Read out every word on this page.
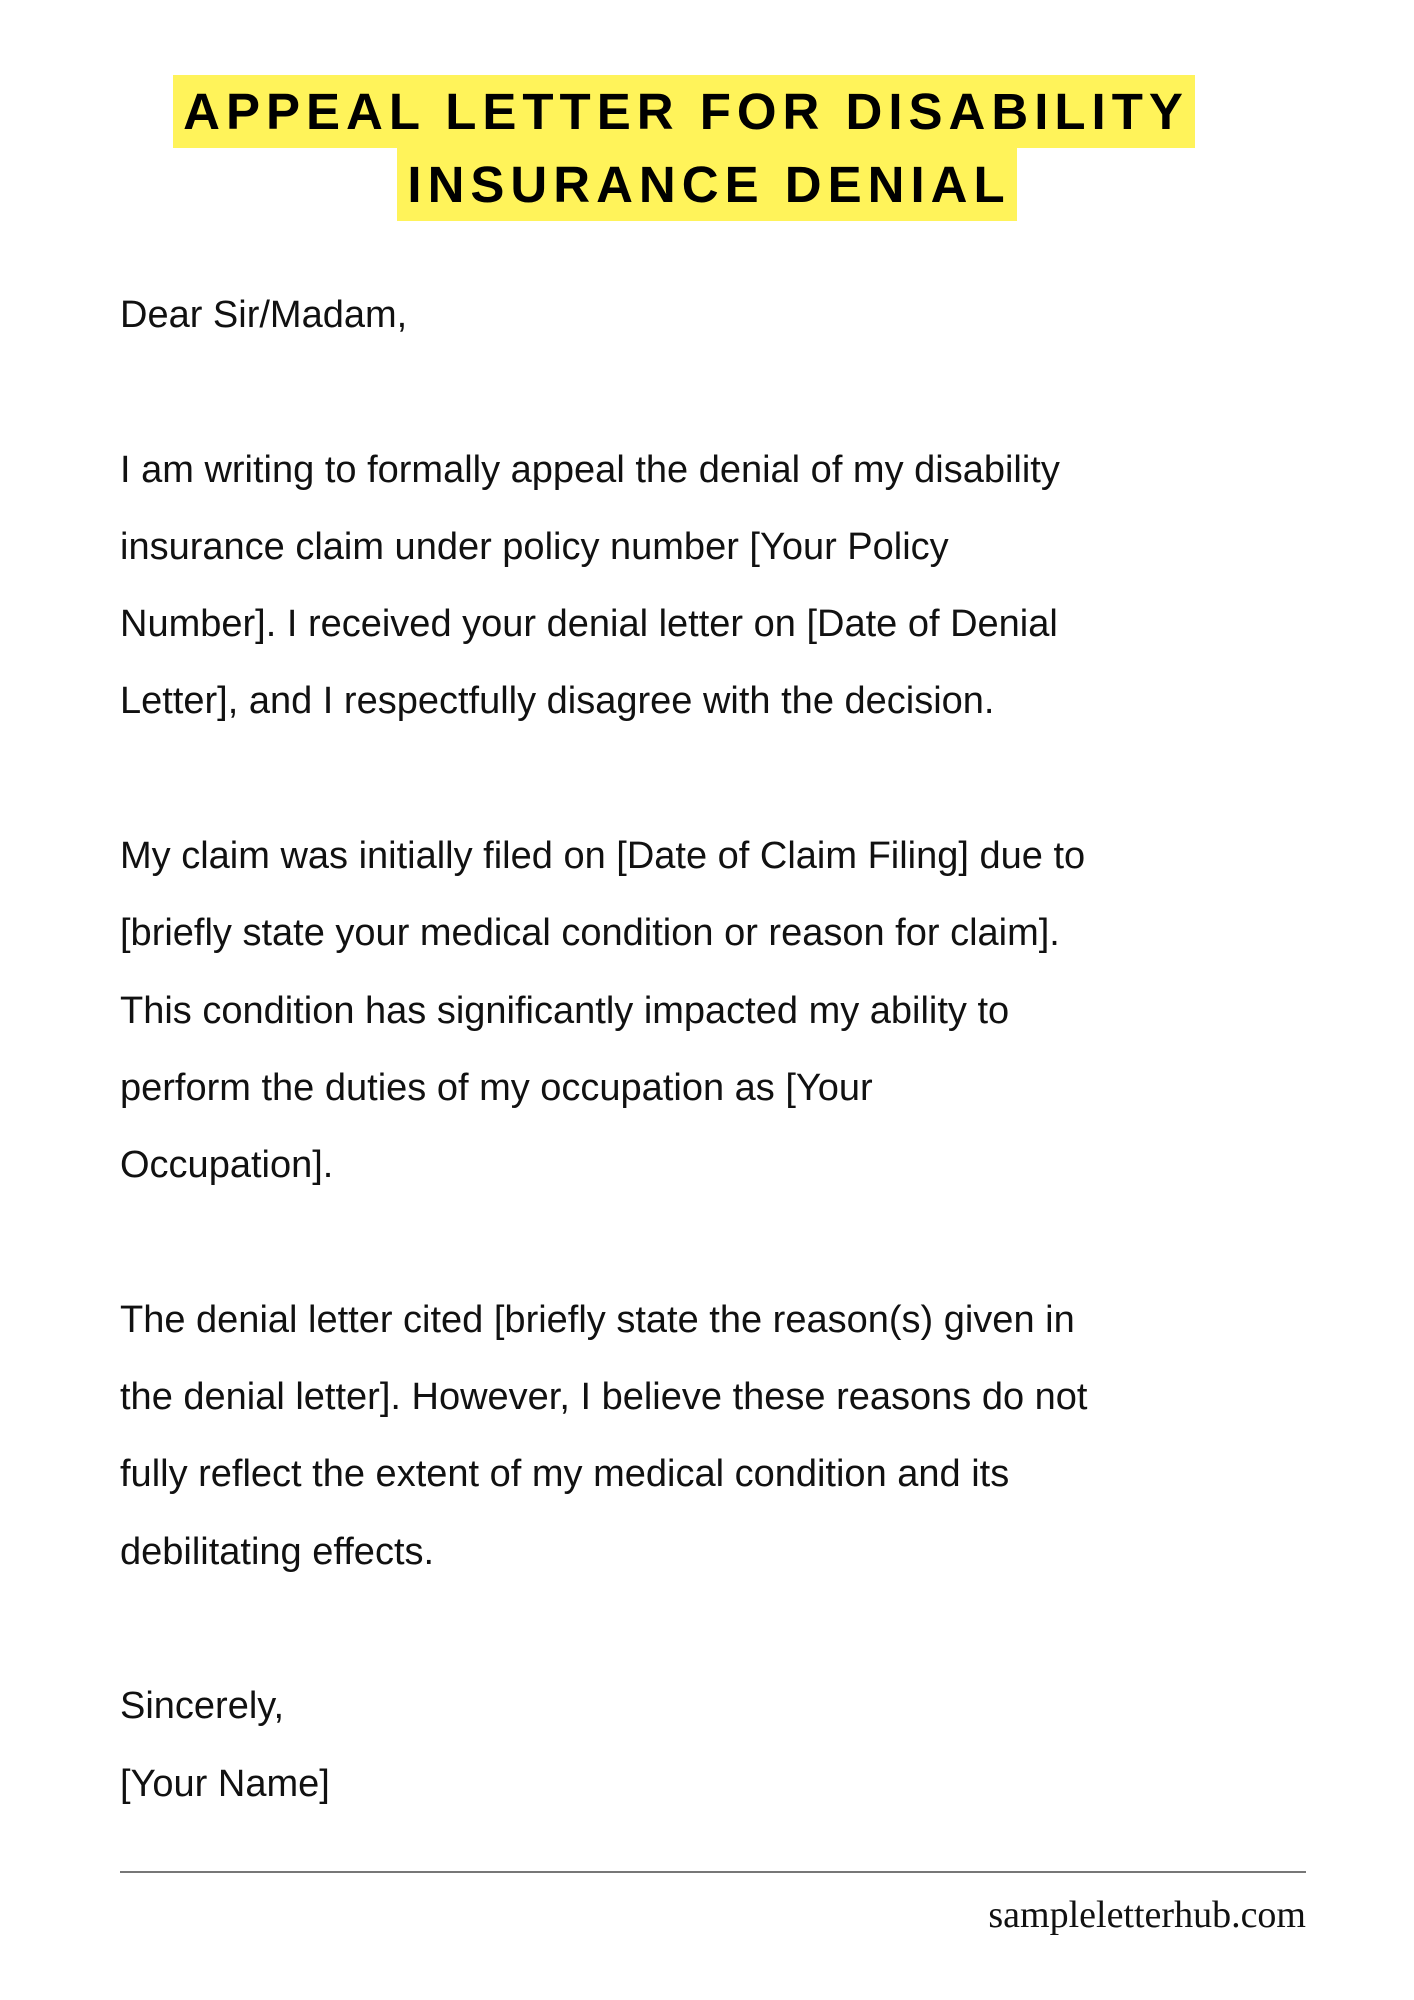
APPEAL LETTER FOR DISABILITY
INSURANCE DENIAL
Dear Sir/Madam,
I am writing to formally appeal the denial of my disability
insurance claim under policy number [Your Policy
Number]. I received your denial letter on [Date of Denial
Letter], and I respectfully disagree with the decision.
My claim was initially filed on [Date of Claim Filing] due to
[briefly state your medical condition or reason for claim].
This condition has significantly impacted my ability to
perform the duties of my occupation as [Your
Occupation].
The denial letter cited [briefly state the reason(s) given in
the denial letter]. However, I believe these reasons do not
fully reflect the extent of my medical condition and its
debilitating effects.
Sincerely,
[Your Name]
sampleletterhub.com
